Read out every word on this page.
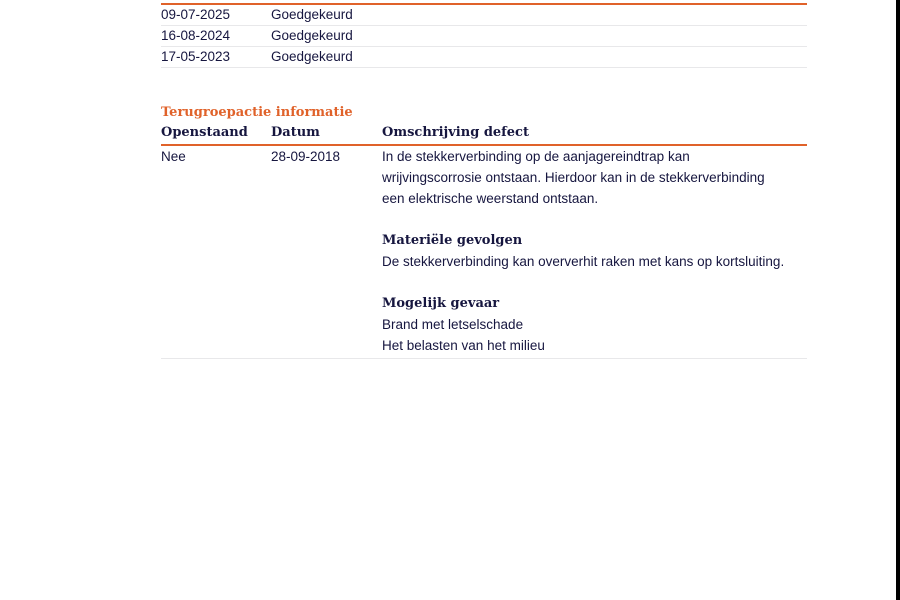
09-07-2025	Goedgekeurd
16-08-2024	Goedgekeurd
17-05-2023	Goedgekeurd
Terugroepactie informatie
Openstaand	Datum	Omschrijving defect
Nee	28-09-2018	In de stekkerverbinding op de aanjagereindtrap kan

wrijvingscorrosie ontstaan. Hierdoor kan in de stekkerverbinding

een elektrische weerstand ontstaan.

Materiële gevolgen

De stekkerverbinding kan oververhit raken met kans op kortsluiting.

Mogelijk gevaar

Brand met letselschade

Het belasten van het milieu
